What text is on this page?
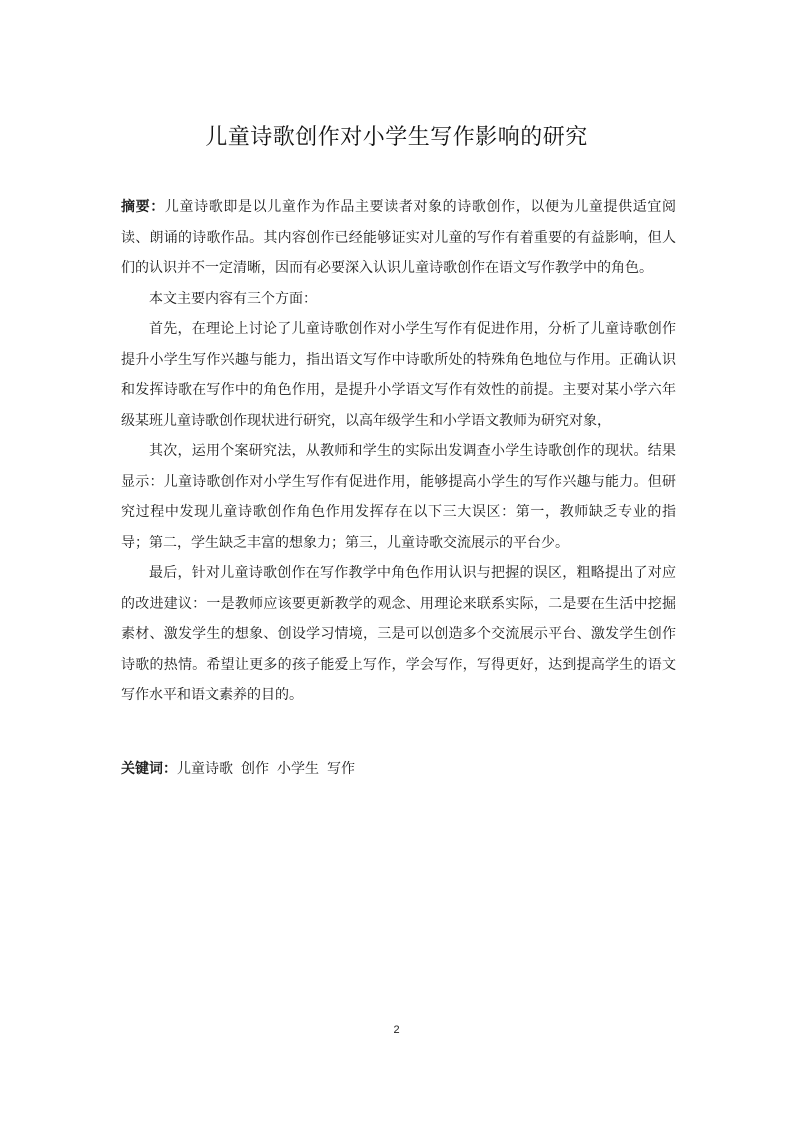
儿童诗歌创作对小学生写作影响的研究

摘要：儿童诗歌即是以儿童作为作品主要读者对象的诗歌创作，以便为儿童提供适宜阅读、朗诵的诗歌作品。其内容创作已经能够证实对儿童的写作有着重要的有益影响，但人们的认识并不一定清晰，因而有必要深入认识儿童诗歌创作在语文写作教学中的角色。

本文主要内容有三个方面：

首先，在理论上讨论了儿童诗歌创作对小学生写作有促进作用，分析了儿童诗歌创作提升小学生写作兴趣与能力，指出语文写作中诗歌所处的特殊角色地位与作用。正确认识和发挥诗歌在写作中的角色作用，是提升小学语文写作有效性的前提。主要对某小学六年级某班儿童诗歌创作现状进行研究，以高年级学生和小学语文教师为研究对象，

其次，运用个案研究法，从教师和学生的实际出发调查小学生诗歌创作的现状。结果显示：儿童诗歌创作对小学生写作有促进作用，能够提高小学生的写作兴趣与能力。但研究过程中发现儿童诗歌创作角色作用发挥存在以下三大误区：第一，教师缺乏专业的指导；第二，学生缺乏丰富的想象力；第三，儿童诗歌交流展示的平台少。

最后，针对儿童诗歌创作在写作教学中角色作用认识与把握的误区，粗略提出了对应的改进建议：一是教师应该要更新教学的观念、用理论来联系实际，二是要在生活中挖掘素材、激发学生的想象、创设学习情境，三是可以创造多个交流展示平台、激发学生创作诗歌的热情。希望让更多的孩子能爱上写作，学会写作，写得更好，达到提高学生的语文写作水平和语文素养的目的。

关键词：儿童诗歌 创作 小学生 写作
2
